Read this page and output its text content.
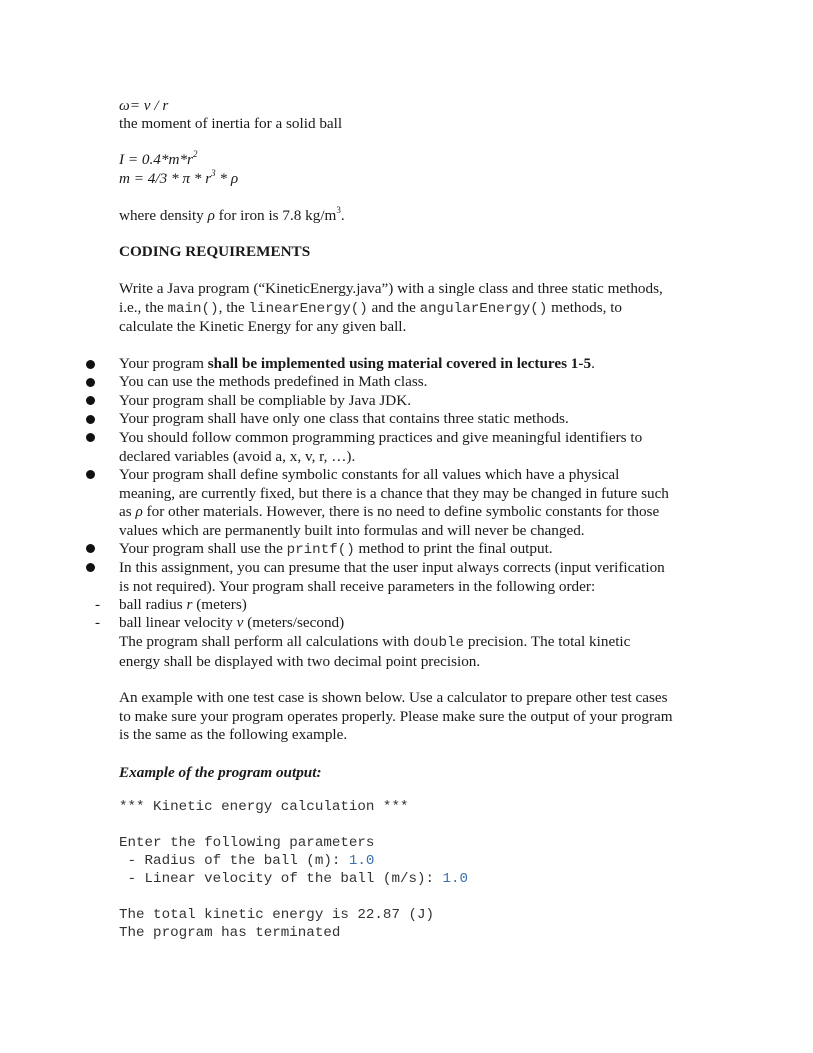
ω= v / r
the moment of inertia for a solid ball
$I = 0.4*m*r^2$
$m = 4/3 * \pi * r^3 * \rho$
where density ρ for iron is 7.8 $kg/m^3$.
CODING REQUIREMENTS
Write a Java program (“KineticEnergy.java”) with a single class and three static methods,
i.e., the main(), the linearEnergy() and the angularEnergy() methods, to
calculate the Kinetic Energy for any given ball.
Your program shall be implemented using material covered in lectures 1-5.
You can use the methods predefined in Math class.
Your program shall be compliable by Java JDK.
Your program shall have only one class that contains three static methods.
You should follow common programming practices and give meaningful identifiers to
declared variables (avoid a, x, v, r, …).
Your program shall define symbolic constants for all values which have a physical
meaning, are currently fixed, but there is a chance that they may be changed in future such
as ρ for other materials. However, there is no need to define symbolic constants for those
values which are permanently built into formulas and will never be changed.
Your program shall use the printf() method to print the final output.
In this assignment, you can presume that the user input always corrects (input verification
is not required). Your program shall receive parameters in the following order:
- ball radius r (meters)
- ball linear velocity v (meters/second)
The program shall perform all calculations with double precision. The total kinetic
energy shall be displayed with two decimal point precision.
An example with one test case is shown below. Use a calculator to prepare other test cases
to make sure your program operates properly. Please make sure the output of your program
is the same as the following example.
Example of the program output:
*** Kinetic energy calculation ***
Enter the following parameters
- Radius of the ball (m): 1.0
- Linear velocity of the ball (m/s): 1.0
The total kinetic energy is 22.87 (J)
The program has terminated
